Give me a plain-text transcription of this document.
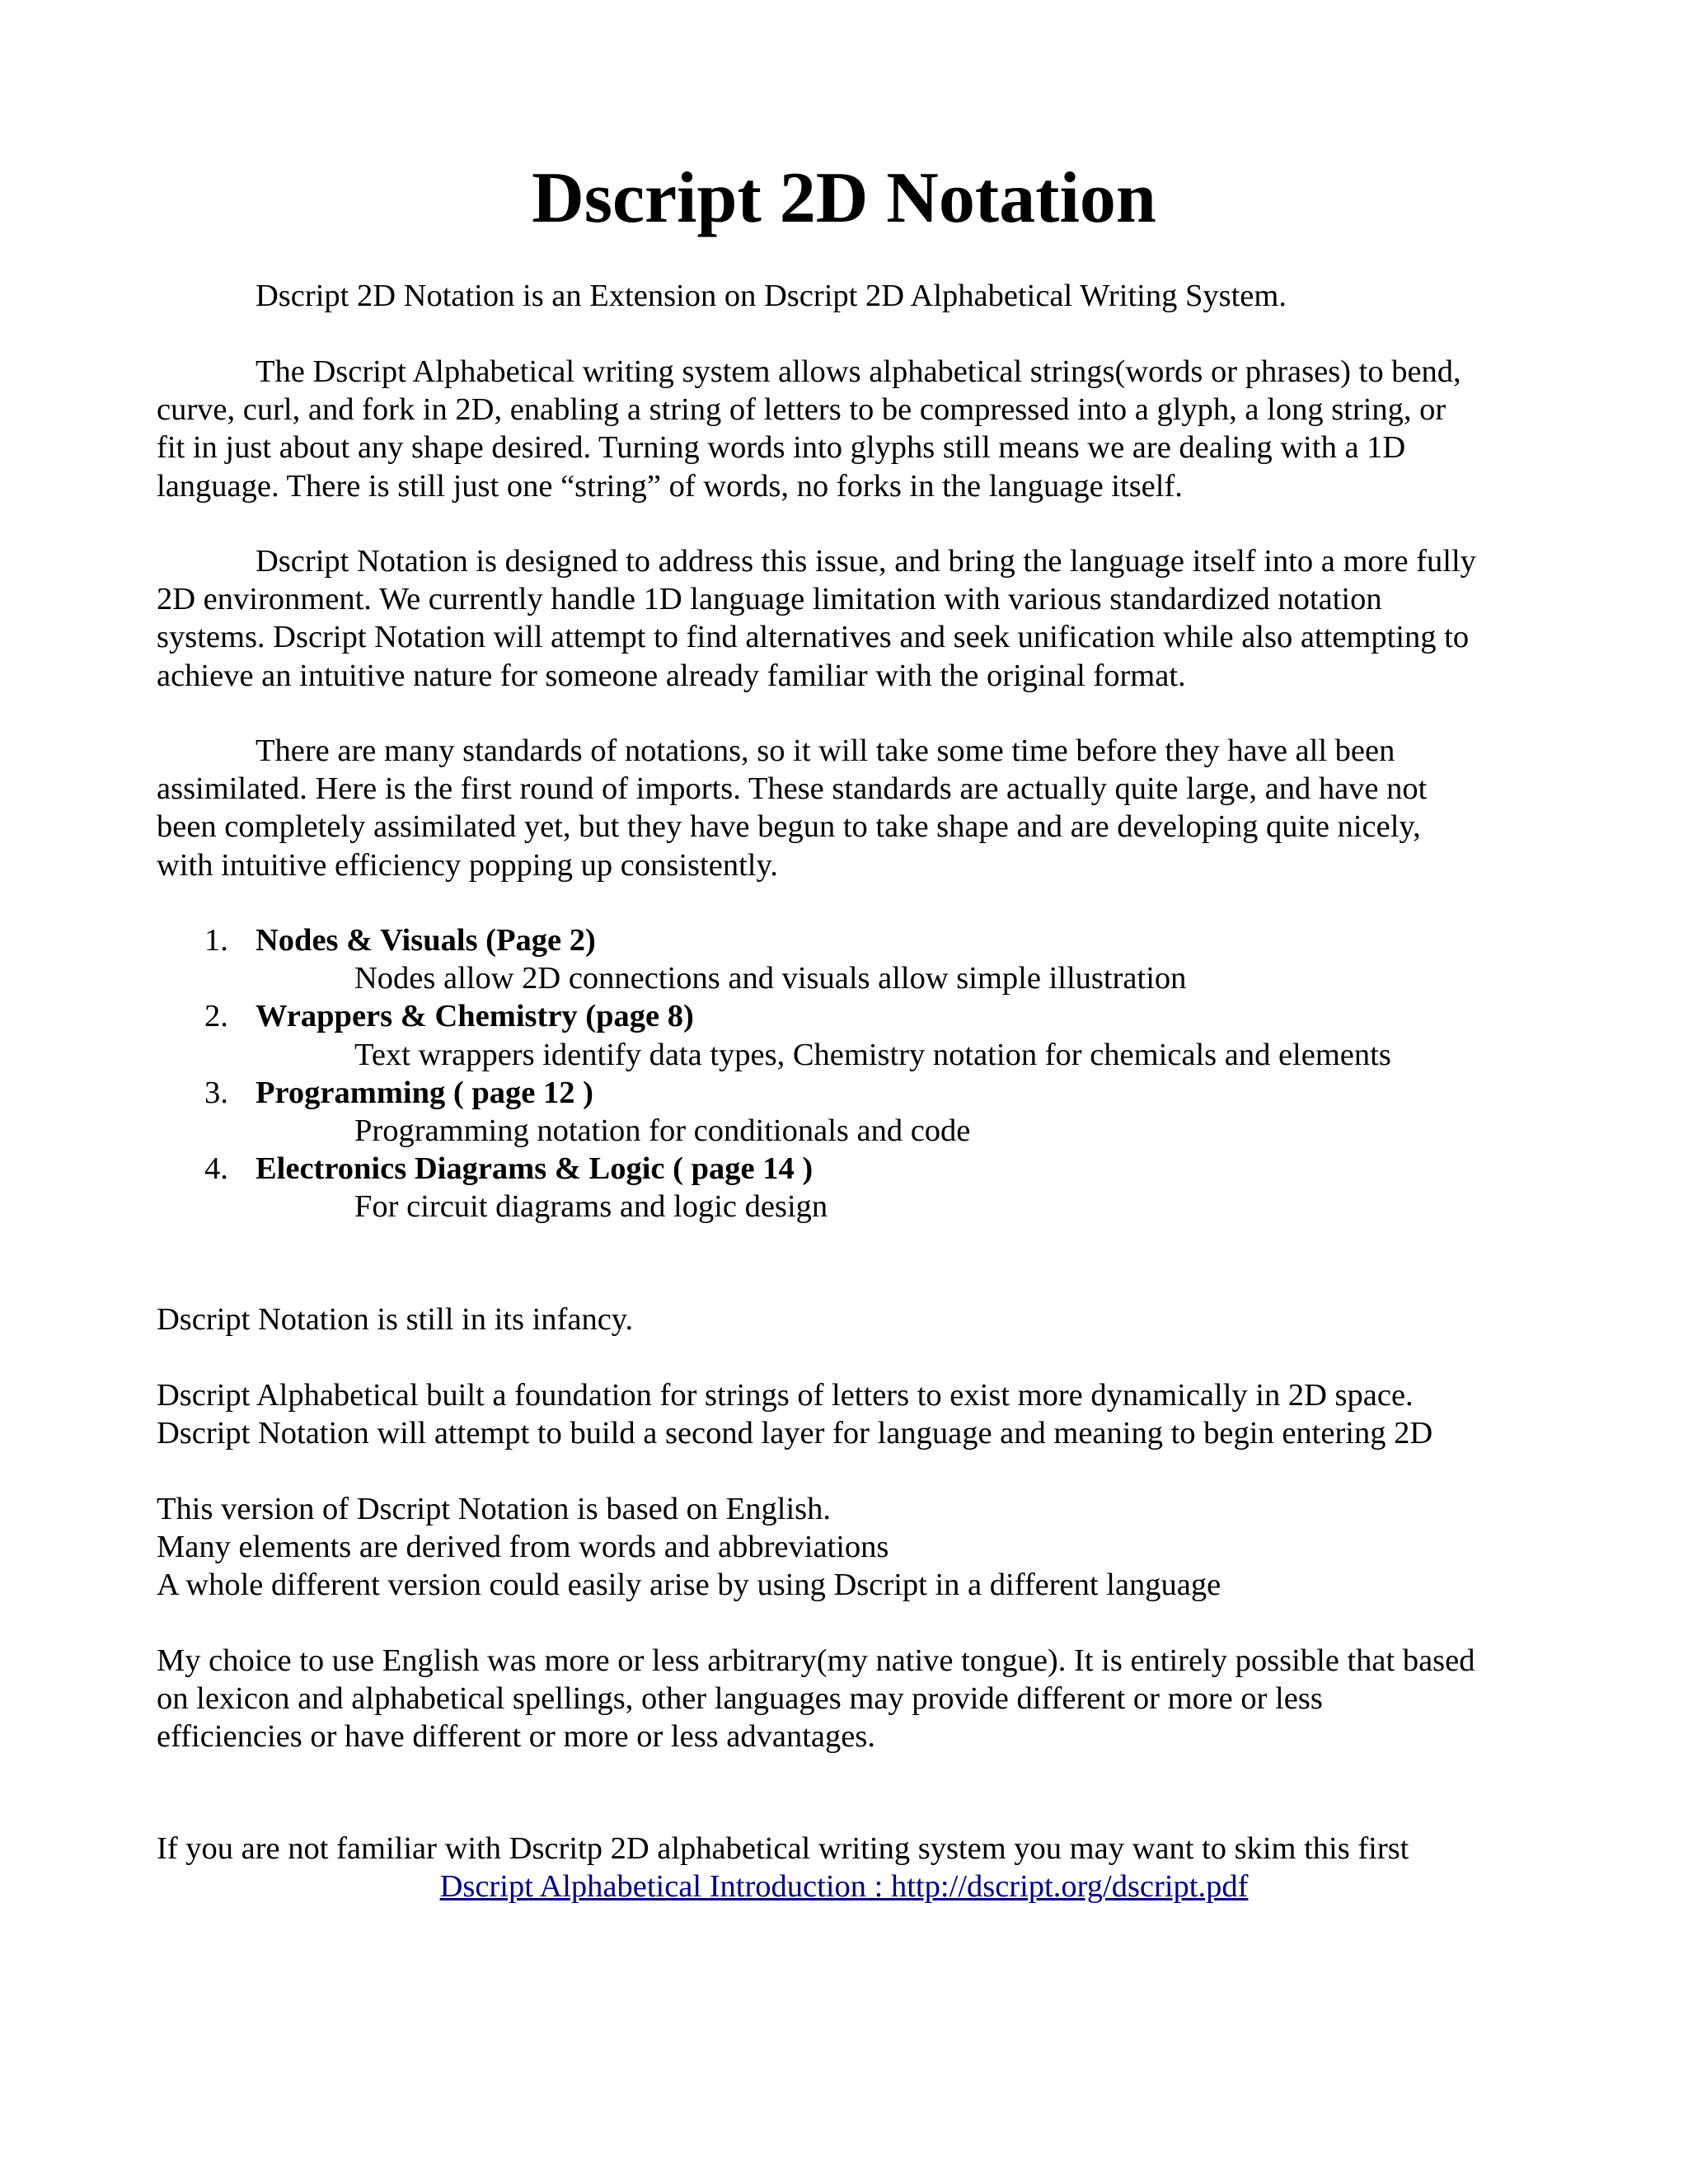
Dscript 2D Notation

Dscript 2D Notation is an Extension on Dscript 2D Alphabetical Writing System.

The Dscript Alphabetical writing system allows alphabetical strings(words or phrases) to bend,
curve, curl, and fork in 2D, enabling a string of letters to be compressed into a glyph, a long string, or
fit in just about any shape desired. Turning words into glyphs still means we are dealing with a 1D
language. There is still just one “string” of words, no forks in the language itself.

Dscript Notation is designed to address this issue, and bring the language itself into a more fully
2D environment. We currently handle 1D language limitation with various standardized notation
systems. Dscript Notation will attempt to find alternatives and seek unification while also attempting to
achieve an intuitive nature for someone already familiar with the original format.

There are many standards of notations, so it will take some time before they have all been
assimilated. Here is the first round of imports. These standards are actually quite large, and have not
been completely assimilated yet, but they have begun to take shape and are developing quite nicely,
with intuitive efficiency popping up consistently.

1. Nodes & Visuals (Page 2)
Nodes allow 2D connections and visuals allow simple illustration
2. Wrappers & Chemistry (page 8)
Text wrappers identify data types, Chemistry notation for chemicals and elements
3. Programming ( page 12 )
Programming notation for conditionals and code
4. Electronics Diagrams & Logic ( page 14 )
For circuit diagrams and logic design

Dscript Notation is still in its infancy.

Dscript Alphabetical built a foundation for strings of letters to exist more dynamically in 2D space.
Dscript Notation will attempt to build a second layer for language and meaning to begin entering 2D

This version of Dscript Notation is based on English.
Many elements are derived from words and abbreviations
A whole different version could easily arise by using Dscript in a different language

My choice to use English was more or less arbitrary(my native tongue). It is entirely possible that based
on lexicon and alphabetical spellings, other languages may provide different or more or less
efficiencies or have different or more or less advantages.

If you are not familiar with Dscritp 2D alphabetical writing system you may want to skim this first

Dscript Alphabetical Introduction : http://dscript.org/dscript.pdf
